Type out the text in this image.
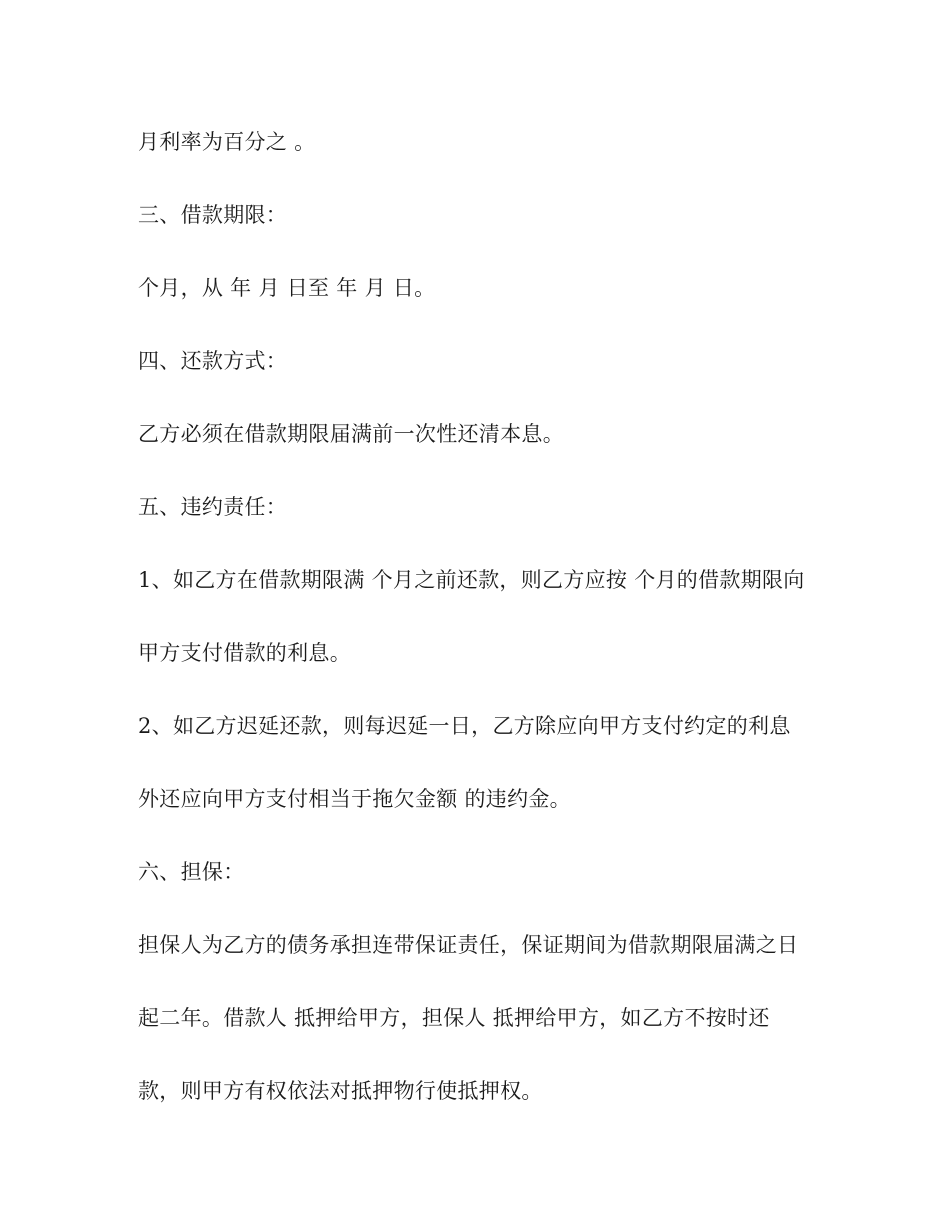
月利率为百分之 。

三、借款期限：

个月，从 年 月 日至 年 月 日。

四、还款方式：

乙方必须在借款期限届满前一次性还清本息。

五、违约责任：

1、如乙方在借款期限满 个月之前还款，则乙方应按 个月的借款期限向

甲方支付借款的利息。

2、如乙方迟延还款，则每迟延一日，乙方除应向甲方支付约定的利息

外还应向甲方支付相当于拖欠金额 的违约金。

六、担保：

担保人为乙方的债务承担连带保证责任，保证期间为借款期限届满之日

起二年。借款人 抵押给甲方，担保人 抵押给甲方，如乙方不按时还

款，则甲方有权依法对抵押物行使抵押权。
